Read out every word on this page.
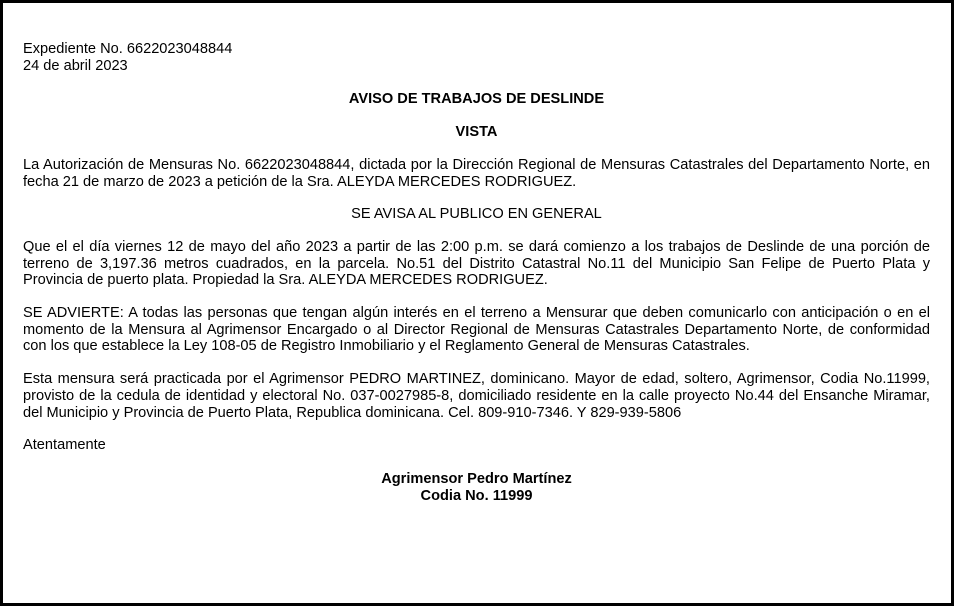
Expediente No. 6622023048844
24 de abril 2023

AVISO DE TRABAJOS DE DESLINDE

VISTA

La Autorización de Mensuras No. 6622023048844, dictada por la Dirección Regional de Mensuras Catastrales del Departamento Norte, en fecha 21 de marzo de 2023 a petición de la Sra. ALEYDA MERCEDES RODRIGUEZ.

SE AVISA AL PUBLICO EN GENERAL

Que el el día viernes 12 de mayo del año 2023 a partir de las 2:00 p.m. se dará comienzo a los trabajos de Deslinde de una porción de terreno de 3,197.36 metros cuadrados, en la parcela. No.51 del Distrito Catastral No.11 del Municipio San Felipe de Puerto Plata y Provincia de puerto plata. Propiedad la Sra. ALEYDA MERCEDES RODRIGUEZ.

SE ADVIERTE: A todas las personas que tengan algún interés en el terreno a Mensurar que deben comunicarlo con anticipación o en el momento de la Mensura al Agrimensor Encargado o al Director Regional de Mensuras Catastrales Departamento Norte, de conformidad con los que establece la Ley 108-05 de Registro Inmobiliario y el Reglamento General de Mensuras Catastrales.

Esta mensura será practicada por el Agrimensor PEDRO MARTINEZ, dominicano. Mayor de edad, soltero, Agrimensor, Codia No.11999, provisto de la cedula de identidad y electoral No. 037-0027985-8, domiciliado residente en la calle proyecto No.44 del Ensanche Miramar, del Municipio y Provincia de Puerto Plata, Republica dominicana. Cel. 809-910-7346. Y 829-939-5806

Atentamente

Agrimensor Pedro Martínez
Codia No. 11999
